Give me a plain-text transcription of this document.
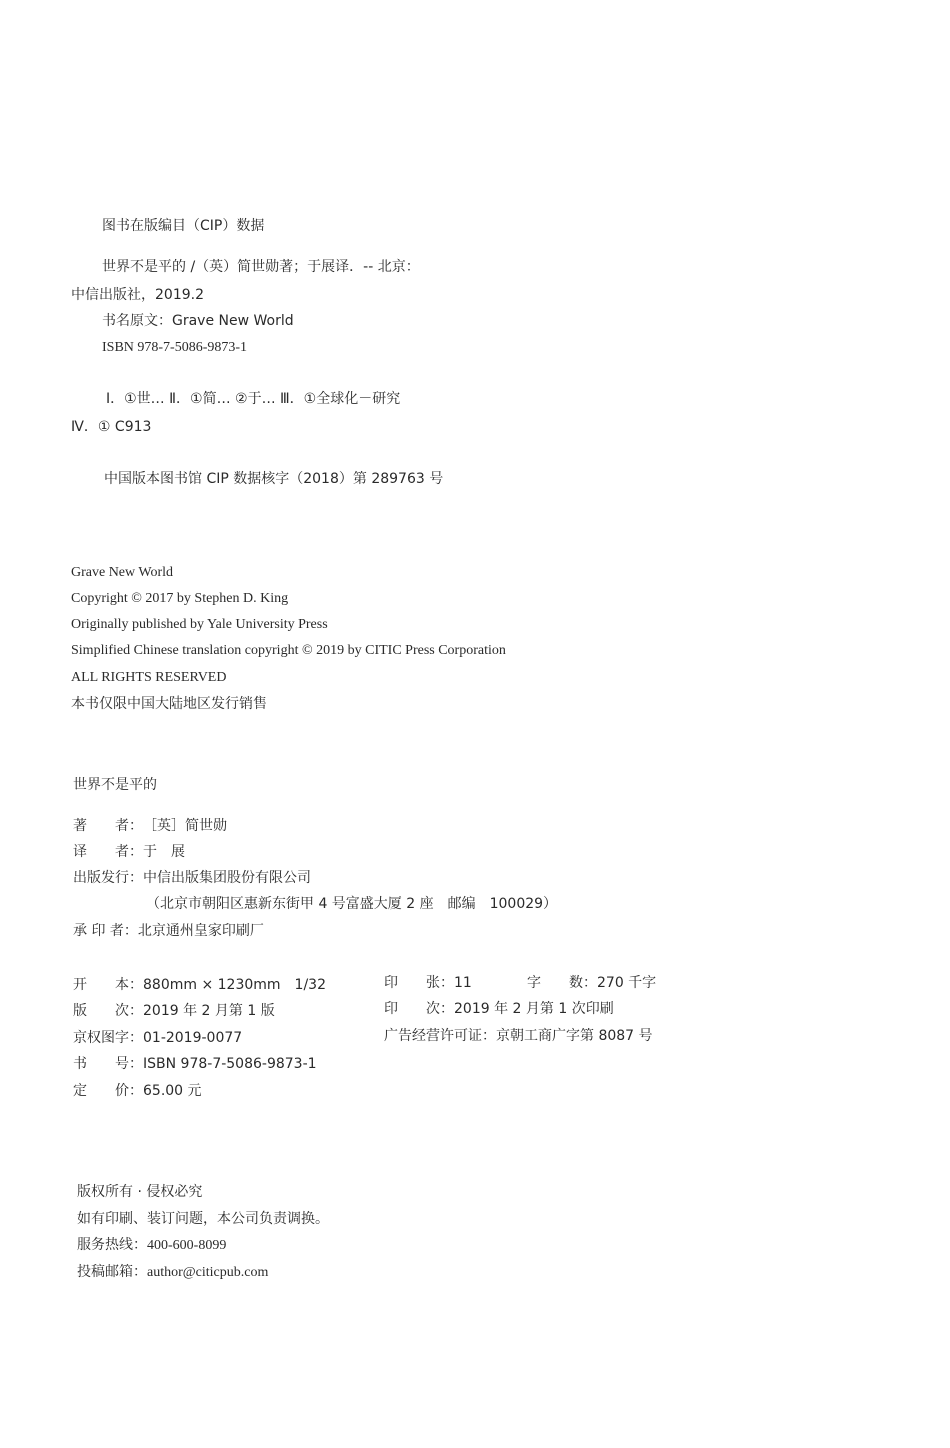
图书在版编目（CIP）数据
世界不是平的 /（英）简世勋著；于展译．-- 北京：
中信出版社，2019.2
书名原文：Grave New World
ISBN 978-7-5086-9873-1
Ⅰ．①世… Ⅱ．①简… ②于… Ⅲ．①全球化－研究
Ⅳ．① C913
中国版本图书馆 CIP 数据核字（2018）第 289763 号
Grave New World
Copyright © 2017 by Stephen D. King
Originally published by Yale University Press
Simplified Chinese translation copyright © 2019 by CITIC Press Corporation
ALL RIGHTS RESERVED
本书仅限中国大陆地区发行销售
世界不是平的
著　　者：［英］简世勋
译　　者：于　展
出版发行：中信出版集团股份有限公司
（北京市朝阳区惠新东街甲 4 号富盛大厦 2 座　邮编　100029）
承 印 者：北京通州皇家印刷厂
开　　本：880mm × 1230mm　1/32
版　　次：2019 年 2 月第 1 版
京权图字：01-2019-0077
书　　号：ISBN 978-7-5086-9873-1
定　　价：65.00 元
印　　张：11	字　　数：270 千字
印　　次：2019 年 2 月第 1 次印刷
广告经营许可证：京朝工商广字第 8087 号
版权所有 · 侵权必究
如有印刷、装订问题，本公司负责调换。
服务热线：400-600-8099
投稿邮箱：author@citicpub.com
